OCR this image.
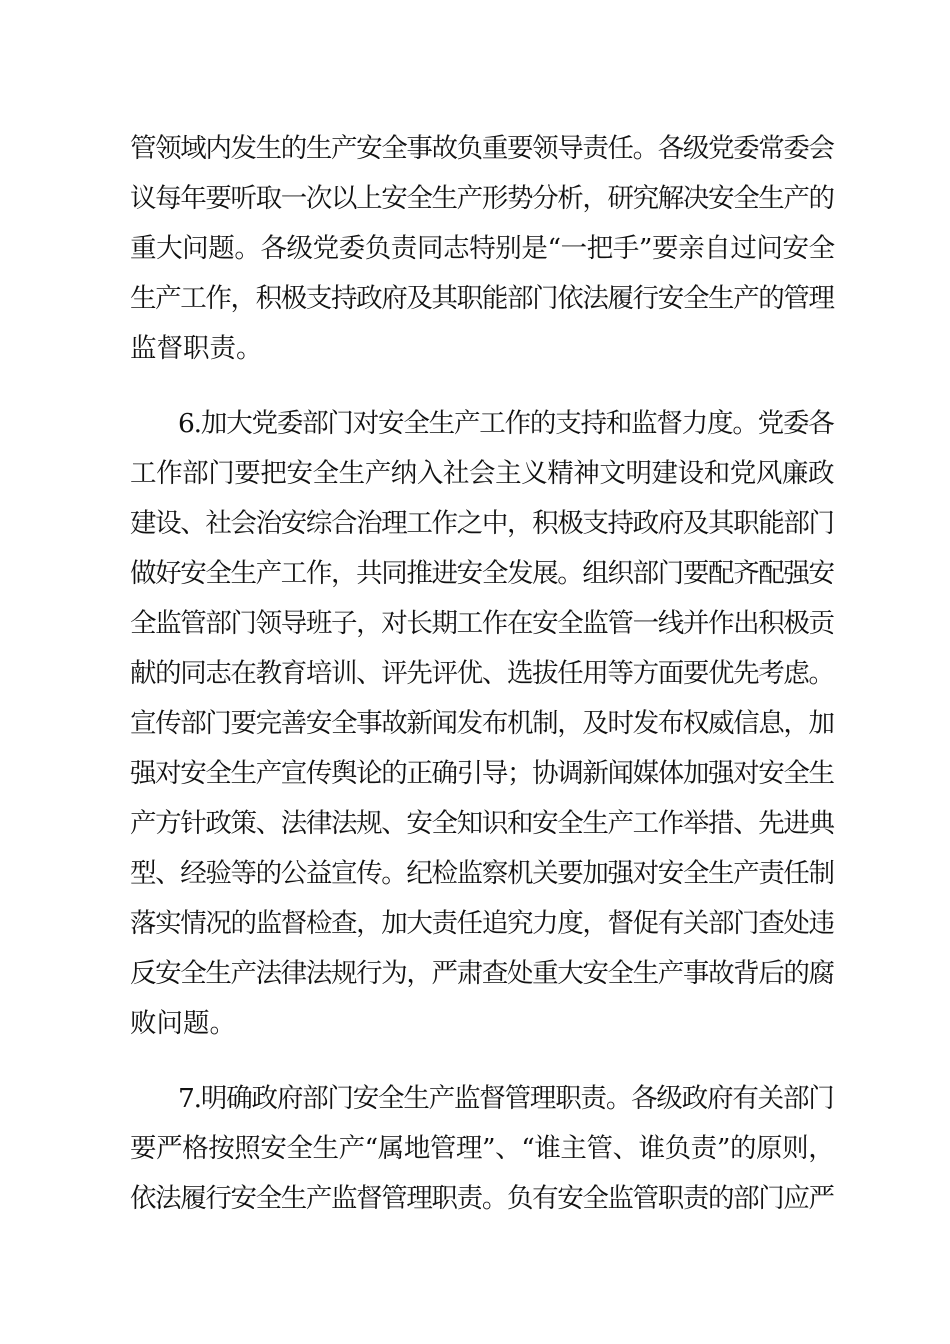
管领域内发生的生产安全事故负重要领导责任。各级党委常委会
议每年要听取一次以上安全生产形势分析，研究解决安全生产的
重大问题。各级党委负责同志特别是“一把手”要亲自过问安全
生产工作，积极支持政府及其职能部门依法履行安全生产的管理
监督职责。
6.加大党委部门对安全生产工作的支持和监督力度。党委各
工作部门要把安全生产纳入社会主义精神文明建设和党风廉政
建设、社会治安综合治理工作之中，积极支持政府及其职能部门
做好安全生产工作，共同推进安全发展。组织部门要配齐配强安
全监管部门领导班子，对长期工作在安全监管一线并作出积极贡
献的同志在教育培训、评先评优、选拔任用等方面要优先考虑。
宣传部门要完善安全事故新闻发布机制，及时发布权威信息，加
强对安全生产宣传舆论的正确引导；协调新闻媒体加强对安全生
产方针政策、法律法规、安全知识和安全生产工作举措、先进典
型、经验等的公益宣传。纪检监察机关要加强对安全生产责任制
落实情况的监督检查，加大责任追究力度，督促有关部门查处违
反安全生产法律法规行为，严肃查处重大安全生产事故背后的腐
败问题。
7.明确政府部门安全生产监督管理职责。各级政府有关部门
要严格按照安全生产“属地管理”、“谁主管、谁负责”的原则，
依法履行安全生产监督管理职责。负有安全监管职责的部门应严
